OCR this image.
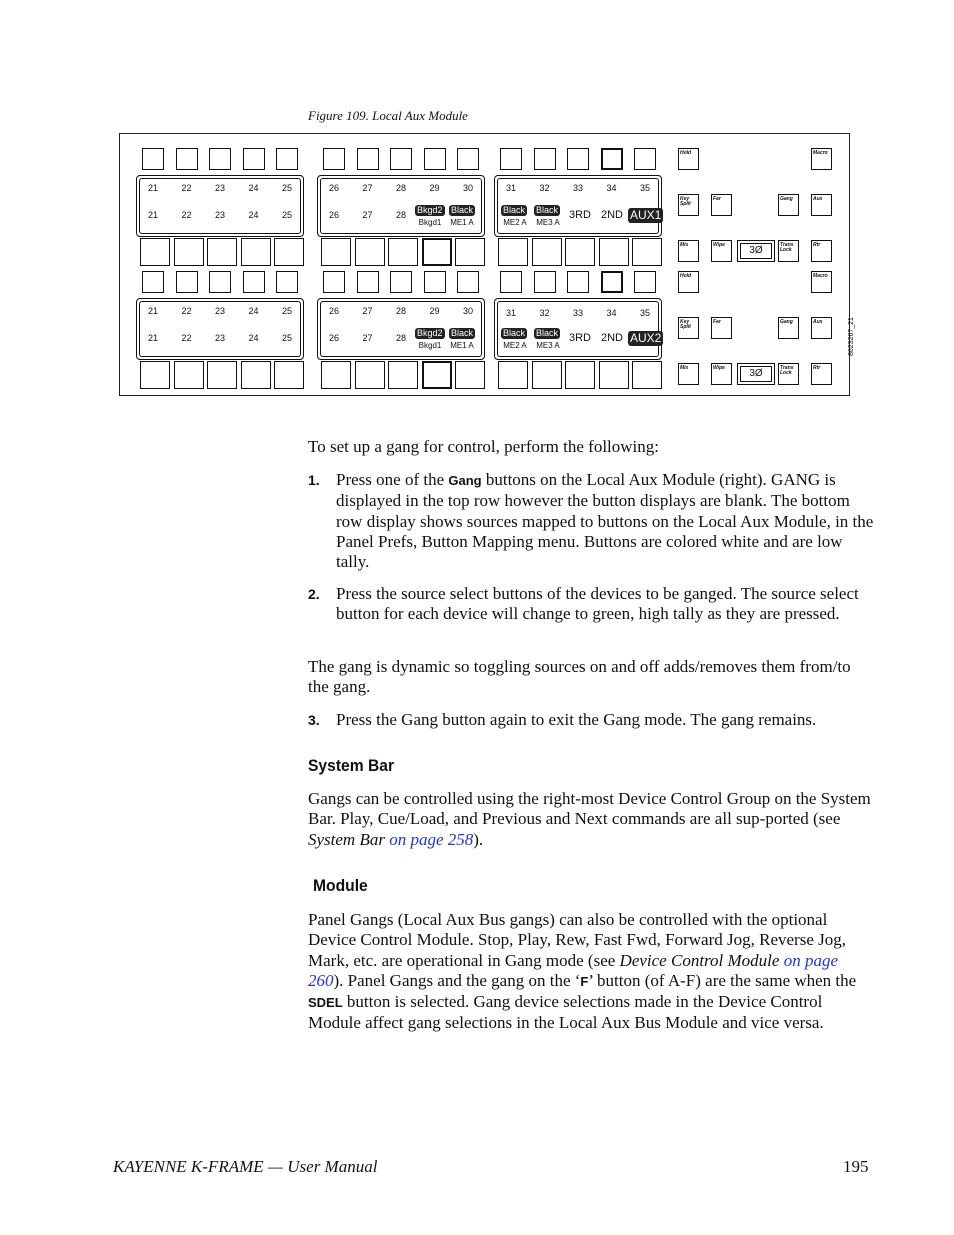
Figure 109. Local Aux Module
21	22	23	24	25
21	22	23	24	25
26	27	28	29	30
26	27	28	Bkgd2 Black
Bkgd1	ME1 A
31	32	33	34	35
Black Black
ME2 A	ME3 A
3RD 2ND AUX1
Hold	Macro
Key Split
Far	Gang	Aux
Mix	Wipe	Trans Lock
Rtr
3Ø
21	22	23	24	25
21	22	23	24	25
26	27	28	29	30
26	27	28	Bkgd2 Black
Bkgd1	ME1 A
31	32	33	34	35
Black Black
ME2 A	ME3 A
3RD 2ND AUX2
Hold	Macro
Key Split
Far	Gang	Aux
Mix	Wipe	Trans Lock
Rtr
3Ø
8623267_21
To set up a gang for control, perform the following:
1. Press one of the Gang buttons on the Local Aux Module (right). GANG is displayed in the top row however the button displays are blank. The bottom row display shows sources mapped to buttons on the Local Aux Module, in the Panel Prefs, Button Mapping menu. Buttons are colored white and are low tally.
2. Press the source select buttons of the devices to be ganged. The source select button for each device will change to green, high tally as they are pressed.
The gang is dynamic so toggling sources on and off adds/removes them from/to the gang.
3. Press the Gang button again to exit the Gang mode. The gang remains.
System Bar
Gangs can be controlled using the right-most Device Control Group on the System Bar. Play, Cue/Load, and Previous and Next commands are all sup-ported (see System Bar on page 258).
Module
Panel Gangs (Local Aux Bus gangs) can also be controlled with the optional Device Control Module. Stop, Play, Rew, Fast Fwd, Forward Jog, Reverse Jog, Mark, etc. are operational in Gang mode (see Device Control Module on page 260). Panel Gangs and the gang on the ‘F’ button (of A-F) are the same when the SDEL button is selected. Gang device selections made in the Device Control Module affect gang selections in the Local Aux Bus Module and vice versa.
KAYENNE K-FRAME — User Manual	195
